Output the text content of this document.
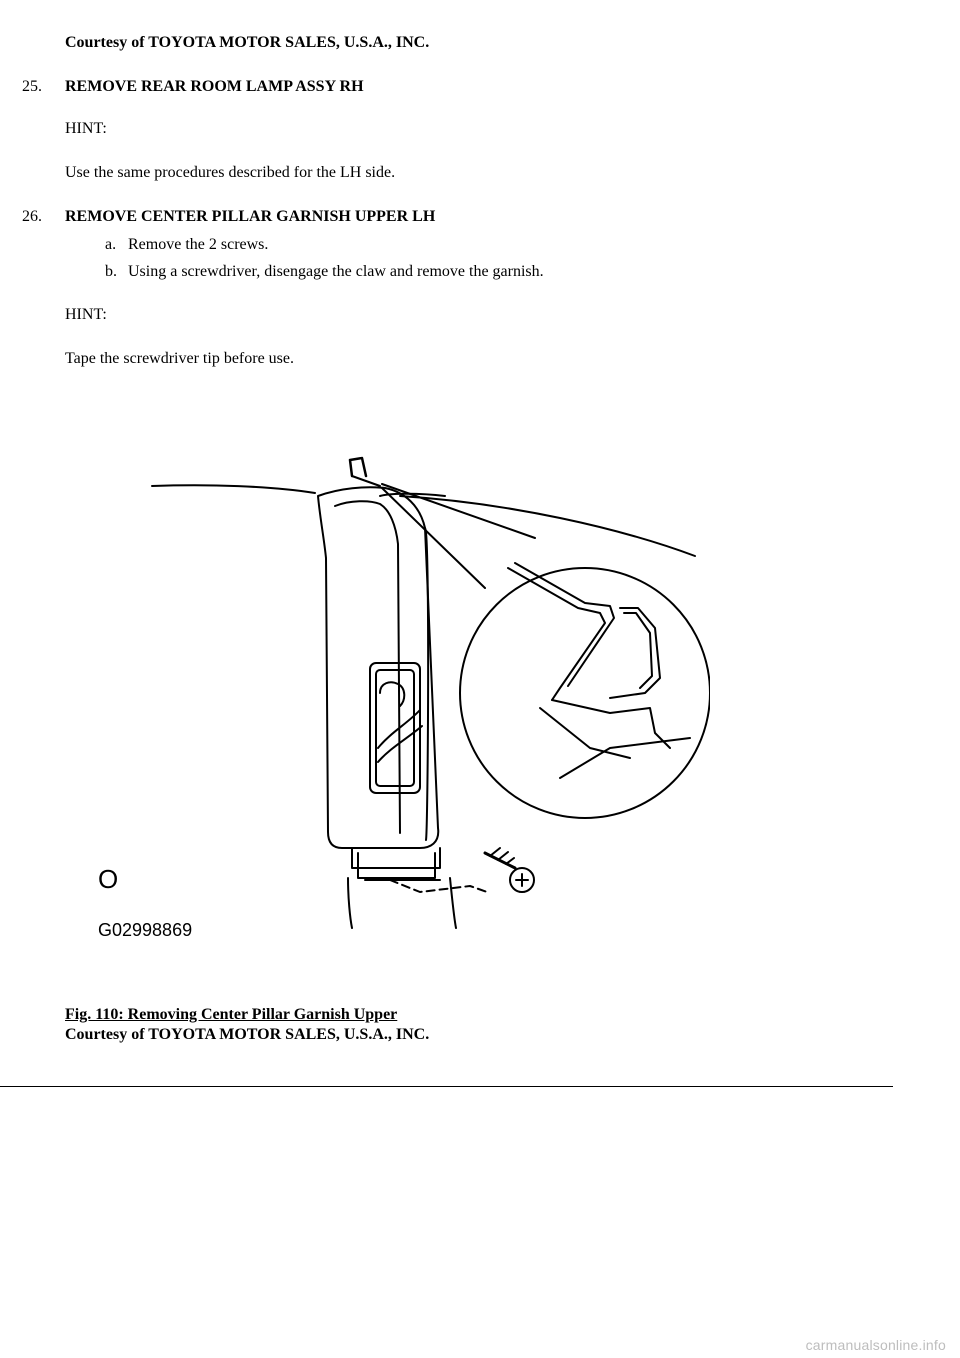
Courtesy of TOYOTA MOTOR SALES, U.S.A., INC.
25. REMOVE REAR ROOM LAMP ASSY RH
HINT:
Use the same procedures described for the LH side.
26. REMOVE CENTER PILLAR GARNISH UPPER LH
a. Remove the 2 screws.
b. Using a screwdriver, disengage the claw and remove the garnish.
HINT:
Tape the screwdriver tip before use.
O
G02998869
Fig. 110: Removing Center Pillar Garnish Upper
Courtesy of TOYOTA MOTOR SALES, U.S.A., INC.
carmanualsonline.info
